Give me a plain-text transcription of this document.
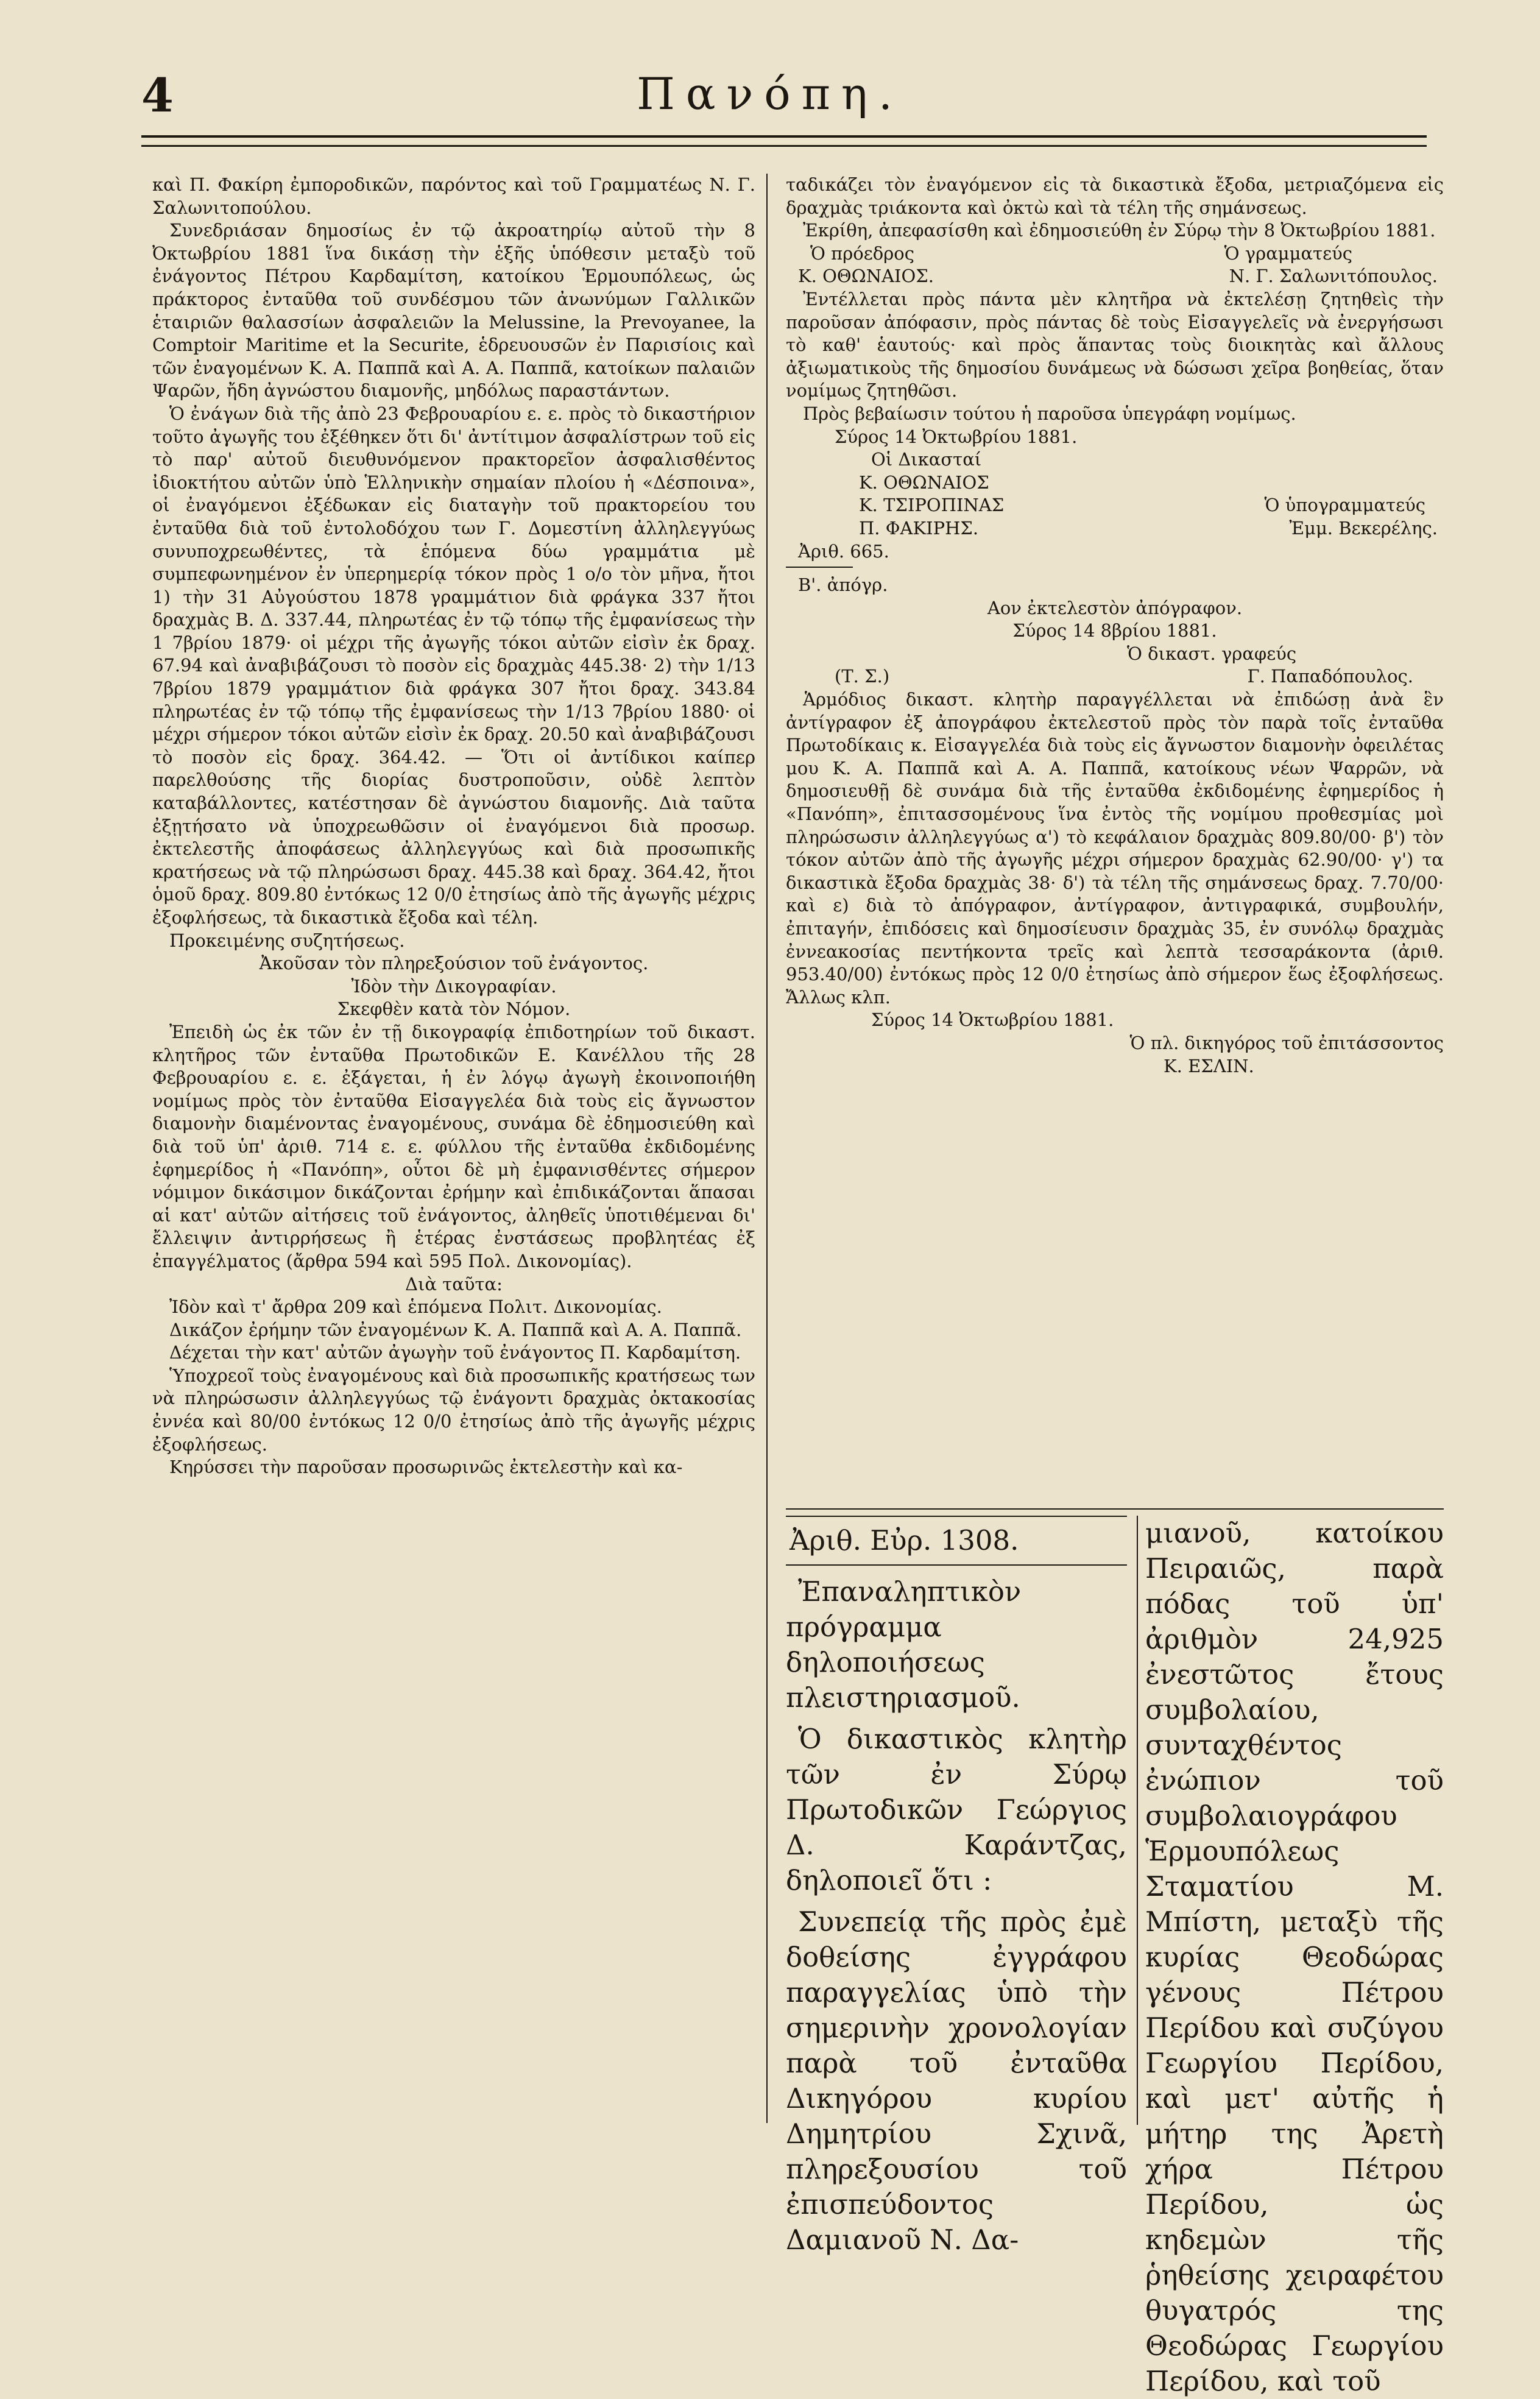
4	Πανόπη.

καὶ Π. Φακίρη ἐμποροδικῶν, παρόντος καὶ τοῦ Γραμματέως Ν. Γ. Σαλωνιτοπούλου.

Συνεδριάσαν δημοσίως ἐν τῷ ἀκροατηρίῳ αὐτοῦ τὴν 8 Ὀκτωβρίου 1881 ἵνα δικάσῃ τὴν ἑξῆς ὑπόθεσιν μεταξὺ τοῦ ἐνάγοντος Πέτρου Καρδαμίτση, κατοίκου Ἑρμουπόλεως, ὡς πράκτορος ἐνταῦθα τοῦ συνδέσμου τῶν ἀνωνύμων Γαλλικῶν ἑταιριῶν θαλασσίων ἀσφαλειῶν la Melussine, la Prevoyanee, la Comptoir Maritime et la Securite, ἑδρευουσῶν ἐν Παρισίοις καὶ τῶν ἐναγομένων Κ. Α. Παππᾶ καὶ Α. Α. Παππᾶ, κατοίκων παλαιῶν Ψαρῶν, ἤδη ἀγνώστου διαμονῆς, μηδόλως παραστάντων.

Ὁ ἐνάγων διὰ τῆς ἀπὸ 23 Φεβρουαρίου ε. ε. πρὸς τὸ δικαστήριον τοῦτο ἀγωγῆς του ἐξέθηκεν ὅτι δι' ἀντίτιμον ἀσφαλίστρων τοῦ εἰς τὸ παρ' αὐτοῦ διευθυνόμενον πρακτορεῖον ἀσφαλισθέντος ἰδιοκτήτου αὐτῶν ὑπὸ Ἑλληνικὴν σημαίαν πλοίου ἡ «Δέσποινα», οἱ ἐναγόμενοι ἐξέδωκαν εἰς διαταγὴν τοῦ πρακτορείου του ἐνταῦθα διὰ τοῦ ἐντολοδόχου των Γ. Δομεστίνη ἀλληλεγγύως συνυποχρεωθέντες, τὰ ἑπόμενα δύω γραμμάτια μὲ συμπεφωνημένον ἐν ὑπερημερίᾳ τόκον πρὸς 1 ο/ο τὸν μῆνα, ἤτοι 1) τὴν 31 Αὐγούστου 1878 γραμμάτιον διὰ φράγκα 337 ἤτοι δραχμὰς Β. Δ. 337.44, πληρωτέας ἐν τῷ τόπῳ τῆς ἐμφανίσεως τὴν 1 7βρίου 1879· οἱ μέχρι τῆς ἀγωγῆς τόκοι αὐτῶν εἰσὶν ἐκ δραχ. 67.94 καὶ ἀναβιβάζουσι τὸ ποσὸν εἰς δραχμὰς 445.38· 2) τὴν 1/13 7βρίου 1879 γραμμάτιον διὰ φράγκα 307 ἤτοι δραχ. 343.84 πληρωτέας ἐν τῷ τόπῳ τῆς ἐμφανίσεως τὴν 1/13 7βρίου 1880· οἱ μέχρι σήμερον τόκοι αὐτῶν εἰσὶν ἐκ δραχ. 20.50 καὶ ἀναβιβάζουσι τὸ ποσὸν εἰς δραχ. 364.42. — Ὅτι οἱ ἀντίδικοι καίπερ παρελθούσης τῆς διορίας δυστροποῦσιν, οὐδὲ λεπτὸν καταβάλλοντες, κατέστησαν δὲ ἀγνώστου διαμονῆς. Διὰ ταῦτα ἐξῃτήσατο νὰ ὑποχρεωθῶσιν οἱ ἐναγόμενοι διὰ προσωρ. ἐκτελεστῆς ἀποφάσεως ἀλληλεγγύως καὶ διὰ προσωπικῆς κρατήσεως νὰ τῷ πληρώσωσι δραχ. 445.38 καὶ δραχ. 364.42, ἤτοι ὁμοῦ δραχ. 809.80 ἐντόκως 12 0/0 ἐτησίως ἀπὸ τῆς ἀγωγῆς μέχρις ἐξοφλήσεως, τὰ δικαστικὰ ἔξοδα καὶ τέλη.

Προκειμένης συζητήσεως.

Ἀκοῦσαν τὸν πληρεξούσιον τοῦ ἐνάγοντος.

Ἰδὸν τὴν Δικογραφίαν.

Σκεφθὲν κατὰ τὸν Νόμον.

Ἐπειδὴ ὡς ἐκ τῶν ἐν τῇ δικογραφίᾳ ἐπιδοτηρίων τοῦ δικαστ. κλητῆρος τῶν ἐνταῦθα Πρωτοδικῶν Ε. Κανέλλου τῆς 28 Φεβρουαρίου ε. ε. ἐξάγεται, ἡ ἐν λόγῳ ἀγωγὴ ἐκοινοποιήθη νομίμως πρὸς τὸν ἐνταῦθα Εἰσαγγελέα διὰ τοὺς εἰς ἄγνωστον διαμονὴν διαμένοντας ἐναγομένους, συνάμα δὲ ἐδημοσιεύθη καὶ διὰ τοῦ ὑπ' ἀριθ. 714 ε. ε. φύλλου τῆς ἐνταῦθα ἐκδιδομένης ἐφημερίδος ἡ «Πανόπη», οὗτοι δὲ μὴ ἐμφανισθέντες σήμερον νόμιμον δικάσιμον δικάζονται ἐρήμην καὶ ἐπιδικάζονται ἅπασαι αἱ κατ' αὐτῶν αἰτήσεις τοῦ ἐνάγοντος, ἀληθεῖς ὑποτιθέμεναι δι' ἔλλειψιν ἀντιρρήσεως ἢ ἑτέρας ἐνστάσεως προβλητέας ἐξ ἐπαγγέλματος (ἄρθρα 594 καὶ 595 Πολ. Δικονομίας).

Διὰ ταῦτα:

Ἰδὸν καὶ τ' ἄρθρα 209 καὶ ἑπόμενα Πολιτ. Δικονομίας.

Δικάζον ἐρήμην τῶν ἐναγομένων Κ. Α. Παππᾶ καὶ Α. Α. Παππᾶ.

Δέχεται τὴν κατ' αὐτῶν ἀγωγὴν τοῦ ἐνάγοντος Π. Καρδαμίτση.

Ὑποχρεοῖ τοὺς ἐναγομένους καὶ διὰ προσωπικῆς κρατήσεως των νὰ πληρώσωσιν ἀλληλεγγύως τῷ ἐνάγοντι δραχμὰς ὀκτακοσίας ἐννέα καὶ 80/00 ἐντόκως 12 0/0 ἐτησίως ἀπὸ τῆς ἀγωγῆς μέχρις ἐξοφλήσεως.

Κηρύσσει τὴν παροῦσαν προσωρινῶς ἐκτελεστὴν καὶ κα-

ταδικάζει τὸν ἐναγόμενον εἰς τὰ δικαστικὰ ἔξοδα, μετριαζόμενα εἰς δραχμὰς τριάκοντα καὶ ὀκτὼ καὶ τὰ τέλη τῆς σημάνσεως.

Ἐκρίθη, ἀπεφασίσθη καὶ ἐδημοσιεύθη ἐν Σύρῳ τὴν 8 Ὀκτωβρίου 1881.

Ὁ πρόεδρος	Ὁ γραμματεύς
Κ. ΟΘΩΝΑΙΟΣ.	Ν. Γ. Σαλωνιτόπουλος.

Ἐντέλλεται πρὸς πάντα μὲν κλητῆρα νὰ ἐκτελέσῃ ζητηθεὶς τὴν παροῦσαν ἀπόφασιν, πρὸς πάντας δὲ τοὺς Εἰσαγγελεῖς νὰ ἐνεργήσωσι τὸ καθ' ἑαυτούς· καὶ πρὸς ἅπαντας τοὺς διοικητὰς καὶ ἄλλους ἀξιωματικοὺς τῆς δημοσίου δυνάμεως νὰ δώσωσι χεῖρα βοηθείας, ὅταν νομίμως ζητηθῶσι.

Πρὸς βεβαίωσιν τούτου ἡ παροῦσα ὑπεγράφη νομίμως.

Σύρος 14 Ὀκτωβρίου 1881.

Οἱ Δικασταί

Κ. ΟΘΩΝΑΙΟΣ

Κ. ΤΣΙΡΟΠΙΝΑΣ	Ὁ ὑπογραμματεύς
Π. ΦΑΚΙΡΗΣ.	Ἐμμ. Βεκερέλης.

Ἀριθ. 665.

Β'. ἀπόγρ.

Αον ἐκτελεστὸν ἀπόγραφον.

Σύρος 14 8βρίου 1881.

Ὁ δικαστ. γραφεύς

(Τ. Σ.)	Γ. Παπαδόπουλος.

Ἁρμόδιος δικαστ. κλητὴρ παραγγέλλεται νὰ ἐπιδώσῃ ἀνὰ ἓν ἀντίγραφον ἐξ ἀπογράφου ἐκτελεστοῦ πρὸς τὸν παρὰ τοῖς ἐνταῦθα Πρωτοδίκαις κ. Εἰσαγγελέα διὰ τοὺς εἰς ἄγνωστον διαμονὴν ὀφειλέτας μου Κ. Α. Παππᾶ καὶ Α. Α. Παππᾶ, κατοίκους νέων Ψαρρῶν, νὰ δημοσιευθῇ δὲ συνάμα διὰ τῆς ἐνταῦθα ἐκδιδομένης ἐφημερίδος ἡ «Πανόπη», ἐπιτασσομένους ἵνα ἐντὸς τῆς νομίμου προθεσμίας μοὶ πληρώσωσιν ἀλληλεγγύως α') τὸ κεφάλαιον δραχμὰς 809.80/00· β') τὸν τόκον αὐτῶν ἀπὸ τῆς ἀγωγῆς μέχρι σήμερον δραχμὰς 62.90/00· γ') τα δικαστικὰ ἔξοδα δραχμὰς 38· δ') τὰ τέλη τῆς σημάνσεως δραχ. 7.70/00· καὶ ε) διὰ τὸ ἀπόγραφον, ἀντίγραφον, ἀντιγραφικά, συμβουλήν, ἐπιταγήν, ἐπιδόσεις καὶ δημοσίευσιν δραχμὰς 35, ἐν συνόλῳ δραχμὰς ἐννεακοσίας πεντήκοντα τρεῖς καὶ λεπτὰ τεσσαράκοντα (ἀριθ. 953.40/00) ἐντόκως πρὸς 12 0/0 ἐτησίως ἀπὸ σήμερον ἕως ἐξοφλήσεως. Ἄλλως κλπ.

Σύρος 14 Ὀκτωβρίου 1881.

Ὁ πλ. δικηγόρος τοῦ ἐπιτάσσοντος

Κ. ΕΣΛΙΝ.

Ἀριθ. Εὐρ. 1308.

Ἐπαναληπτικὸν πρόγραμμα δηλοποιήσεως πλειστηριασμοῦ.

Ὁ δικαστικὸς κλητὴρ τῶν ἐν Σύρῳ Πρωτοδικῶν Γεώργιος Δ. Καράντζας, δηλοποιεῖ ὅτι :

Συνεπείᾳ τῆς πρὸς ἐμὲ δοθείσης ἐγγράφου παραγγελίας ὑπὸ τὴν σημερινὴν χρονολογίαν παρὰ τοῦ ἐνταῦθα Δικηγόρου κυρίου Δημητρίου Σχινᾶ, πληρεξουσίου τοῦ ἐπισπεύδοντος Δαμιανοῦ Ν. Δα-

μιανοῦ, κατοίκου Πειραιῶς, παρὰ πόδας τοῦ ὑπ' ἀριθμὸν 24,925 ἐνεστῶτος ἔτους συμβολαίου, συνταχθέντος ἐνώπιον τοῦ συμβολαιογράφου Ἑρμουπόλεως Σταματίου Μ. Μπίστη, μεταξὺ τῆς κυρίας Θεοδώρας γένους Πέτρου Περίδου καὶ συζύγου Γεωργίου Περίδου, καὶ μετ' αὐτῆς ἡ μήτηρ της Ἀρετὴ χήρα Πέτρου Περίδου, ὡς κηδεμὼν τῆς ῥηθείσης χειραφέτου θυγατρός της Θεοδώρας Γεωργίου Περίδου, καὶ τοῦ
